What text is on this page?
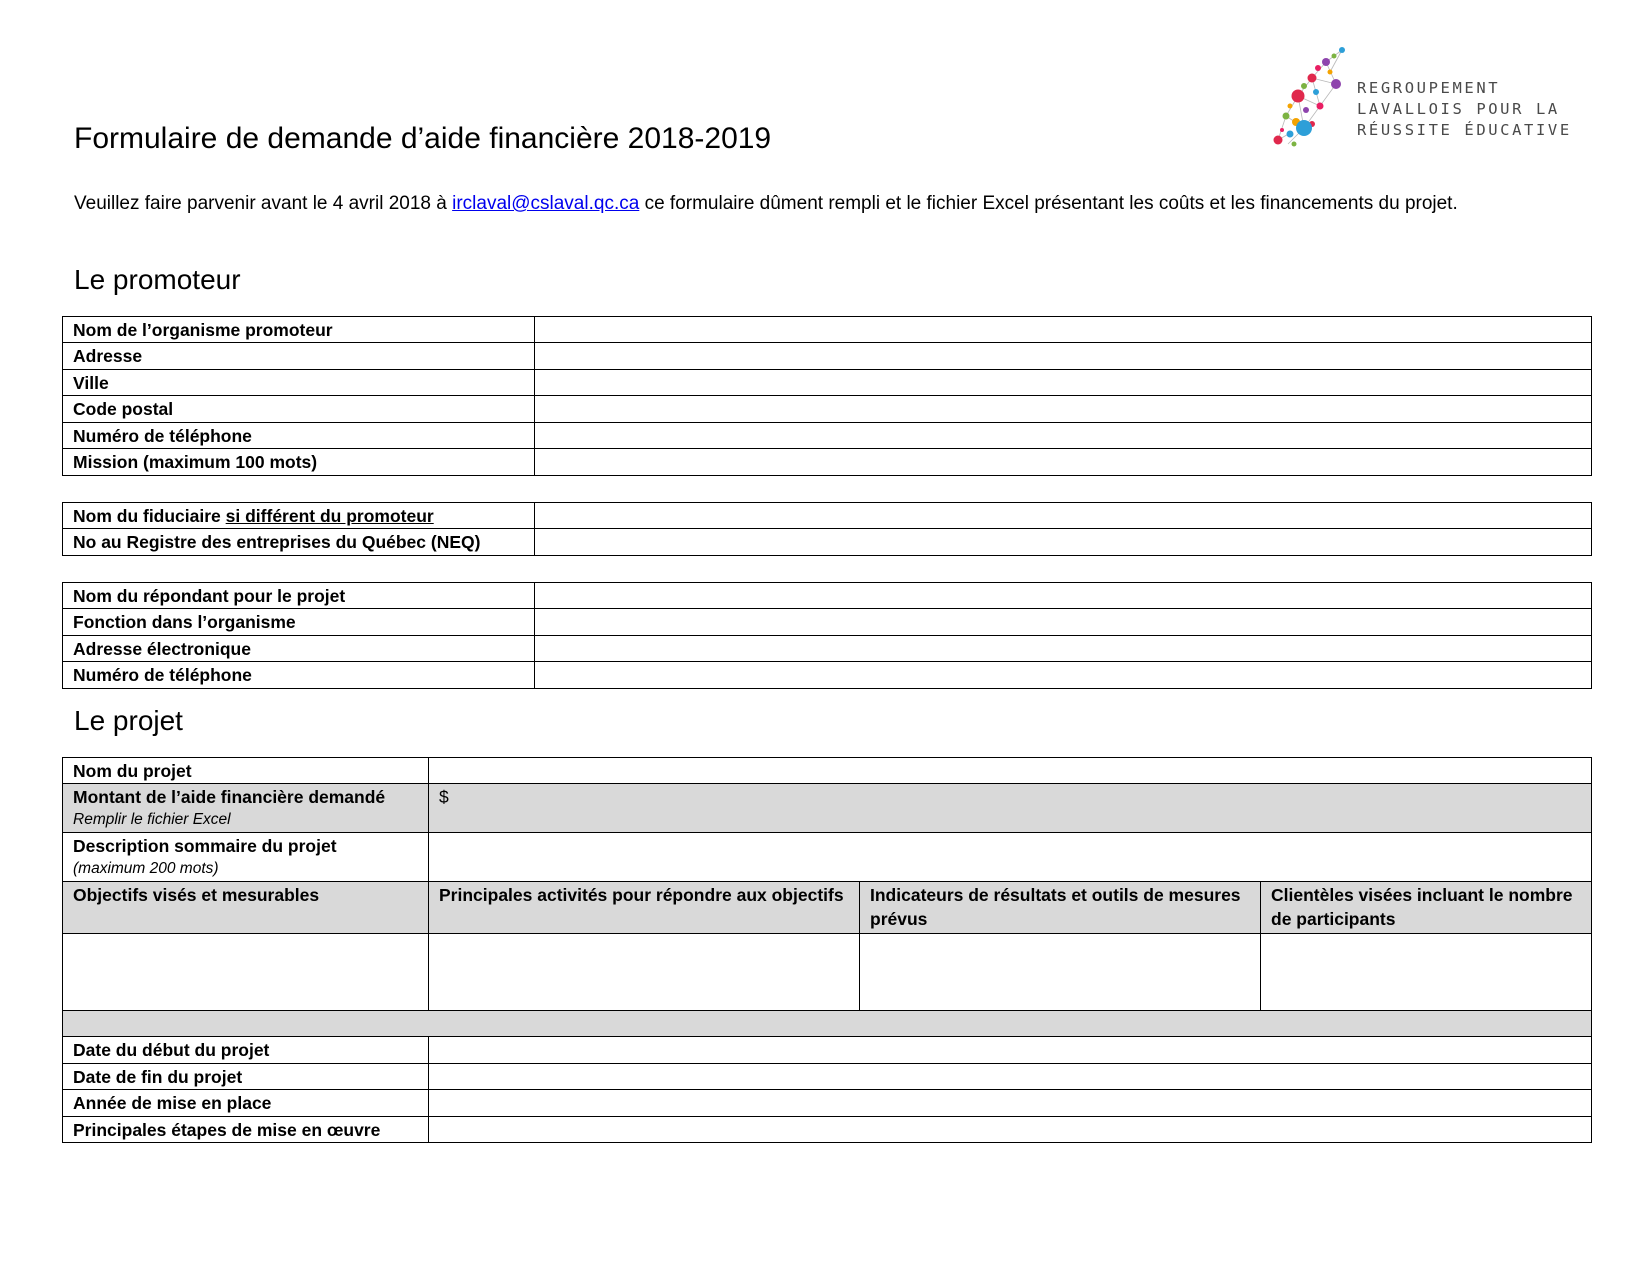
REGROUPEMENT
LAVALLOIS POUR LA
RÉUSSITE ÉDUCATIVE
Formulaire de demande d’aide financière 2018-2019

Veuillez faire parvenir avant le 4 avril 2018 à irclaval@cslaval.qc.ca ce formulaire dûment rempli et le fichier Excel présentant les coûts et les financements du projet.

Le promoteur
Nom de l’organisme promoteur	
Adresse	
Ville	
Code postal	
Numéro de téléphone	
Mission (maximum 100 mots)	
Nom du fiduciaire si différent du promoteur	
No au Registre des entreprises du Québec (NEQ)	
Nom du répondant pour le projet	
Fonction dans l’organisme	
Adresse électronique	
Numéro de téléphone	
Le projet
Nom du projet			
Montant de l’aide financière demandé
Remplir le fichier Excel	$		
Description sommaire du projet
(maximum 200 mots)			

Objectifs visés et mesurables	Principales activités pour répondre aux objectifs	Indicateurs de résultats et outils de mesures prévus	Clientèles visées incluant le nombre de participants

Date du début du projet			
Date de fin du projet			
Année de mise en place			
Principales étapes de mise en œuvre			
